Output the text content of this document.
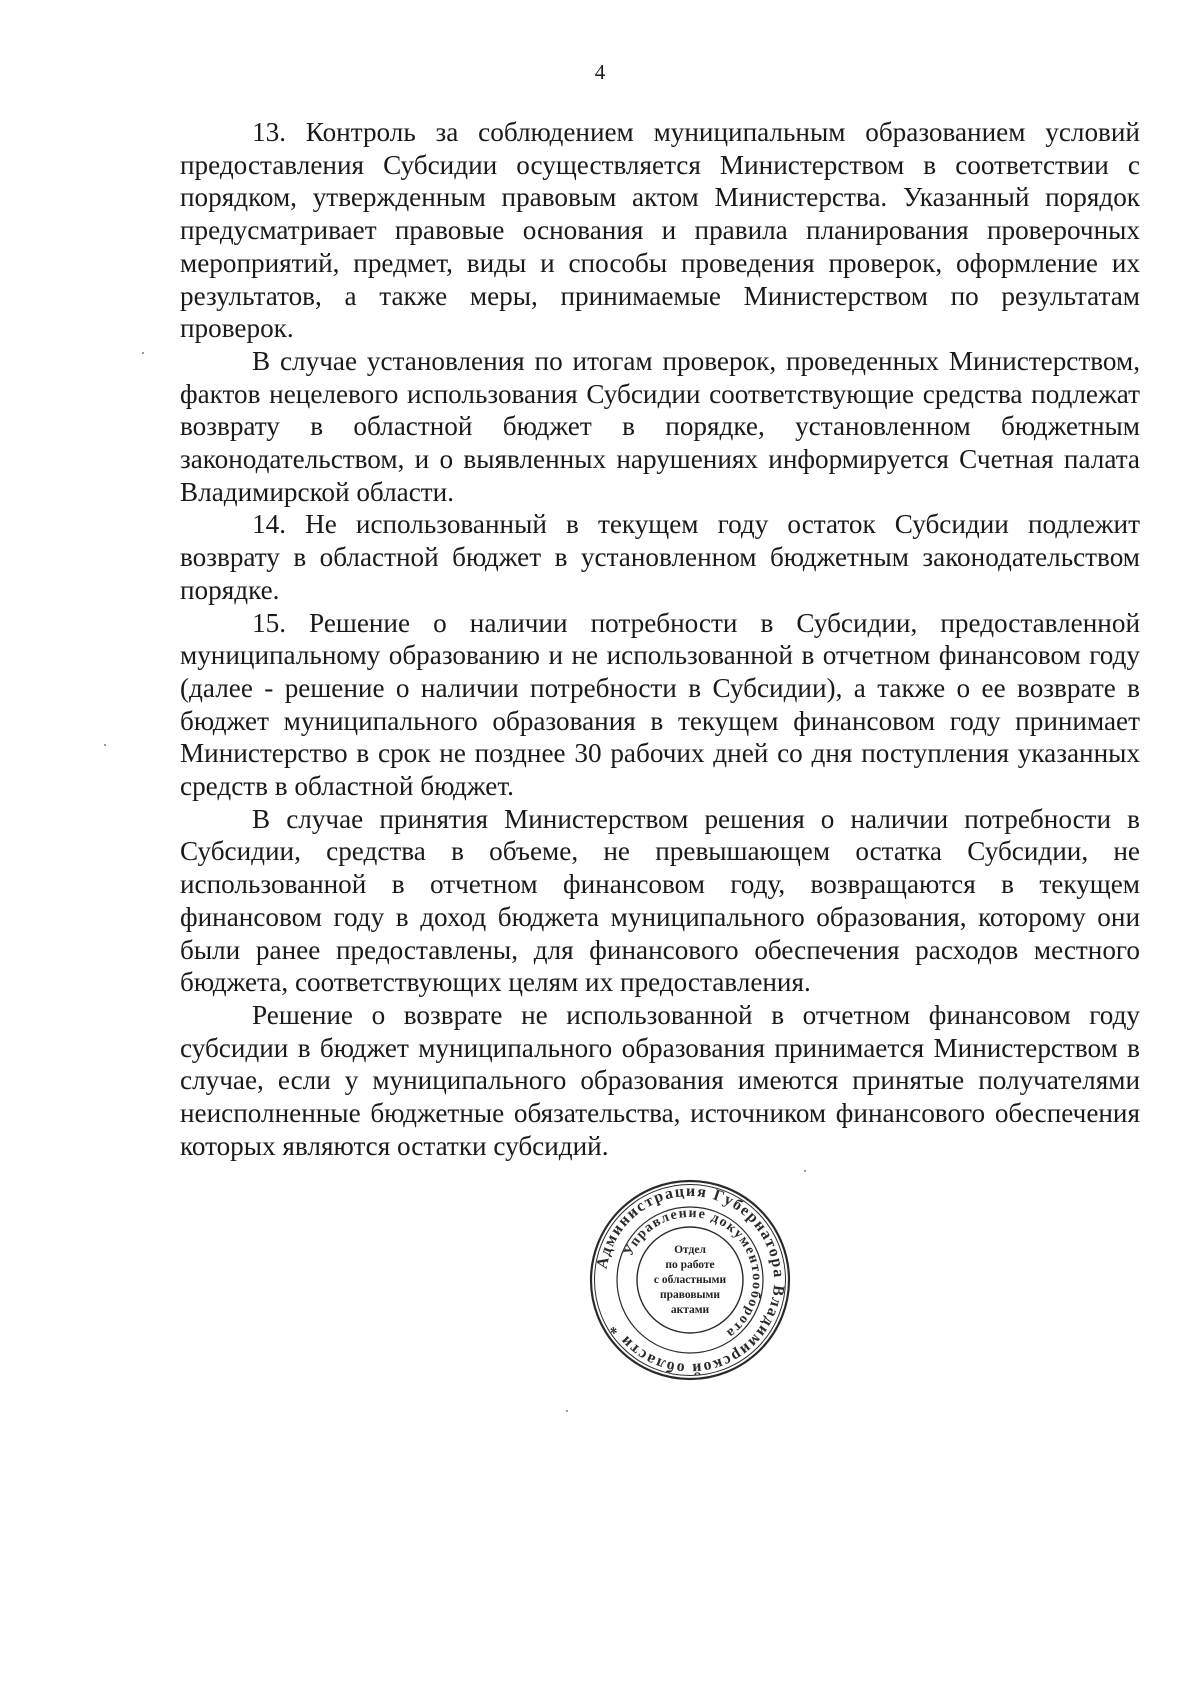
4

13. Контроль за соблюдением муниципальным образованием условий предоставления Субсидии осуществляется Министерством в соответствии с порядком, утвержденным правовым актом Министерства. Указанный порядок предусматривает правовые основания и правила планирования проверочных мероприятий, предмет, виды и способы проведения проверок, оформление их результатов, а также меры, принимаемые Министерством по результатам проверок.

В случае установления по итогам проверок, проведенных Министерством, фактов нецелевого использования Субсидии соответствующие средства подлежат возврату в областной бюджет в порядке, установленном бюджетным законодательством, и о выявленных нарушениях информируется Счетная палата Владимирской области.

14. Не использованный в текущем году остаток Субсидии подлежит возврату в областной бюджет в установленном бюджетным законодательством порядке.

15. Решение о наличии потребности в Субсидии, предоставленной муниципальному образованию и не использованной в отчетном финансовом году (далее - решение о наличии потребности в Субсидии), а также о ее возврате в бюджет муниципального образования в текущем финансовом году принимает Министерство в срок не позднее 30 рабочих дней со дня поступления указанных средств в областной бюджет.

В случае принятия Министерством решения о наличии потребности в Субсидии, средства в объеме, не превышающем остатка Субсидии, не использованной в отчетном финансовом году, возвращаются в текущем финансовом году в доход бюджета муниципального образования, которому они были ранее предоставлены, для финансового обеспечения расходов местного бюджета, соответствующих целям их предоставления.

Решение о возврате не использованной в отчетном финансовом году субсидии в бюджет муниципального образования принимается Министерством в случае, если у муниципального образования имеются принятые получателями неисполненные бюджетные обязательства, источником финансового обеспечения которых являются остатки субсидий.

Администрация Губернатора Владимирской области *
Управление документооборота
Отдел
по работе
с областными
правовыми
актами
